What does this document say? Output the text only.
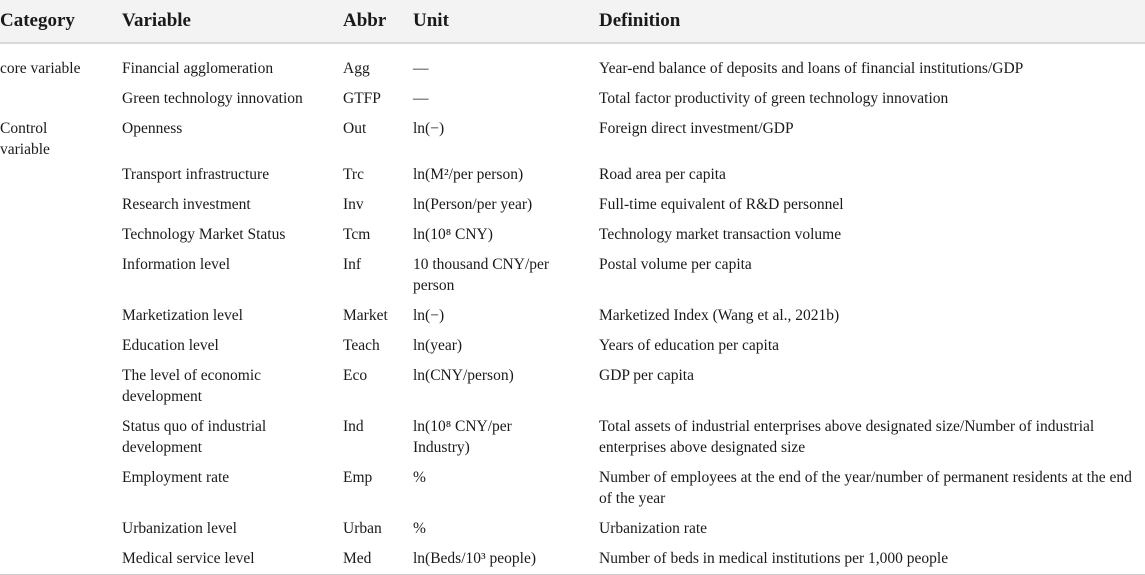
Category	Variable	Abbr	Unit	Definition

core variable	Financial agglomeration	Agg	—	Year-end balance of deposits and loans of financial institutions/GDP

	Green technology innovation	GTFP	—	Total factor productivity of green technology innovation

Control variable	Openness	Out	ln(−)	Foreign direct investment/GDP

	Transport infrastructure	Trc	ln(M²/per person)	Road area per capita

	Research investment	Inv	ln(Person/per year)	Full-time equivalent of R&D personnel

	Technology Market Status	Tcm	ln(10⁸ CNY)	Technology market transaction volume

	Information level	Inf	10 thousand CNY/per person	Postal volume per capita

	Marketization level	Market	ln(−)	Marketized Index (Wang et al., 2021b)

	Education level	Teach	ln(year)	Years of education per capita

	The level of economic development	Eco	ln(CNY/person)	GDP per capita

	Status quo of industrial development	Ind	ln(10⁸ CNY/per Industry)	Total assets of industrial enterprises above designated size/Number of industrial enterprises above designated size

	Employment rate	Emp	%	Number of employees at the end of the year/number of permanent residents at the end of the year

	Urbanization level	Urban	%	Urbanization rate

	Medical service level	Med	ln(Beds/10³ people)	Number of beds in medical institutions per 1,000 people
